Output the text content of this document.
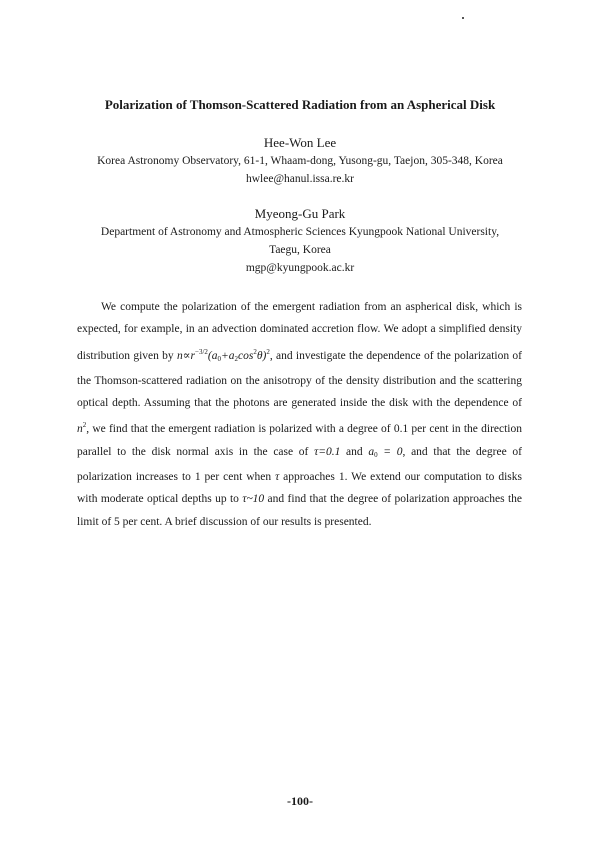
Polarization of Thomson-Scattered Radiation from an Aspherical Disk
Hee-Won Lee
Korea Astronomy Observatory, 61-1, Whaam-dong, Yusong-gu, Taejon, 305-348, Korea
hwlee@hanul.issa.re.kr
Myeong-Gu Park
Department of Astronomy and Atmospheric Sciences Kyungpook National University,
Taegu, Korea
mgp@kyungpook.ac.kr

We compute the polarization of the emergent radiation from an aspherical disk, which is expected, for example, in an advection dominated accretion flow. We adopt a simplified density distribution given by $n\propto r^{-3/2}(a_0+a_2\cos^2\theta)^2$, and investigate the dependence of the polarization of the Thomson-scattered radiation on the anisotropy of the density distribution and the scattering optical depth. Assuming that the photons are generated inside the disk with the dependence of $n^2$, we find that the emergent radiation is polarized with a degree of 0.1 per cent in the direction parallel to the disk normal axis in the case of τ=0.1 and $a_0 = 0$, and that the degree of polarization increases to 1 per cent when τ approaches 1. We extend our computation to disks with moderate optical depths up to τ~10 and find that the degree of polarization approaches the limit of 5 per cent. A brief discussion of our results is presented.

-100-
